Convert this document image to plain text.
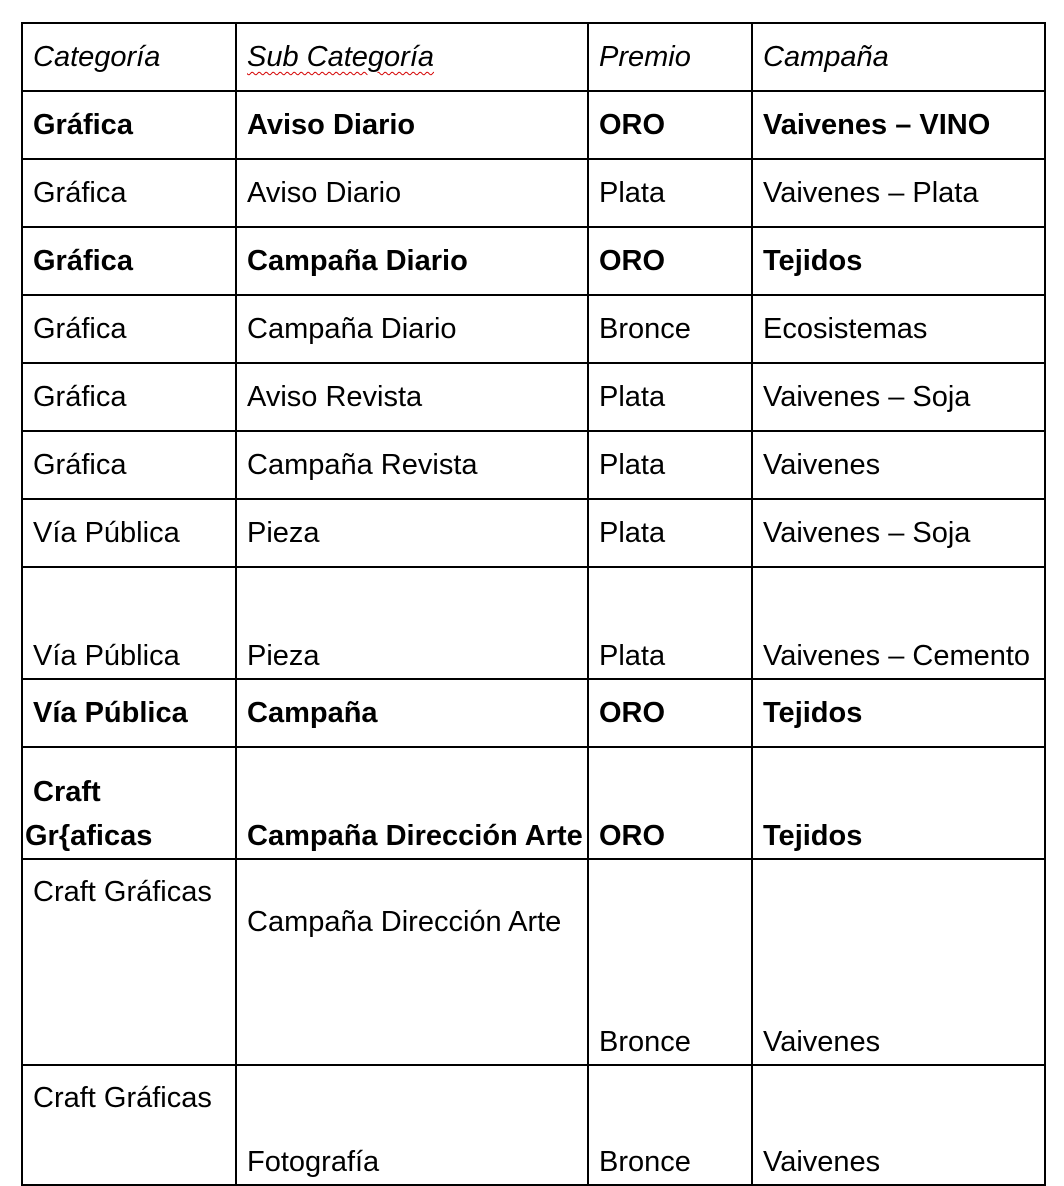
Categoría	Sub Categoría	Premio	Campaña
Gráfica	Aviso Diario	ORO	Vaivenes – VINO
Gráfica	Aviso Diario	Plata	Vaivenes – Plata
Gráfica	Campaña Diario	ORO	Tejidos
Gráfica	Campaña Diario	Bronce	Ecosistemas
Gráfica	Aviso Revista	Plata	Vaivenes – Soja
Gráfica	Campaña Revista	Plata	Vaivenes
Vía Pública	Pieza	Plata	Vaivenes – Soja
Vía Pública	Pieza	Plata	Vaivenes – Cemento
Vía Pública	Campaña	ORO	Tejidos
Craft Gr{aficas	Campaña Dirección Arte	ORO	Tejidos
Craft Gráficas	Campaña Dirección Arte	Bronce	Vaivenes
Craft Gráficas	Fotografía	Bronce	Vaivenes
